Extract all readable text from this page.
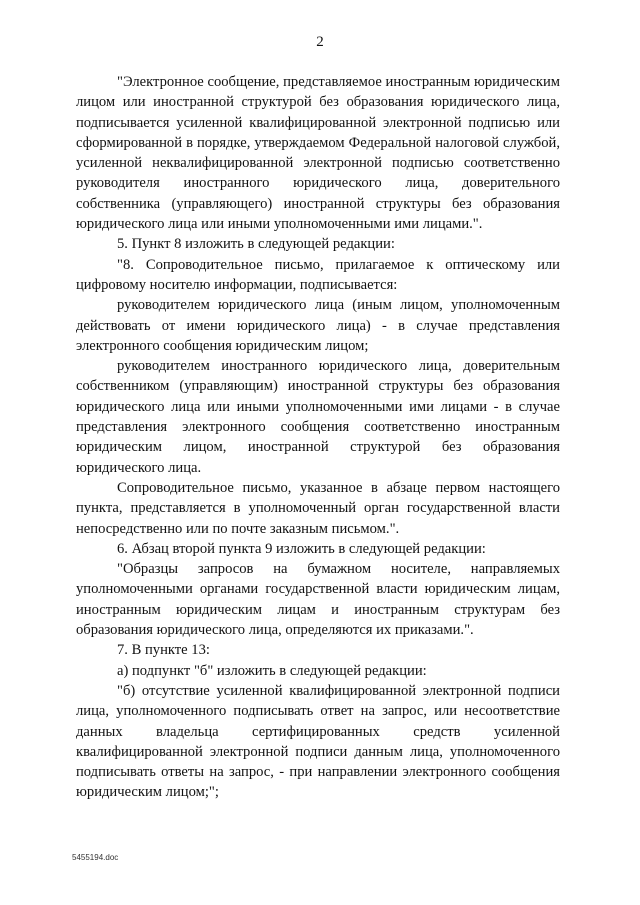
2

"Электронное сообщение, представляемое иностранным юридическим лицом или иностранной структурой без образования юридического лица, подписывается усиленной квалифицированной электронной подписью или сформированной в порядке, утверждаемом Федеральной налоговой службой, усиленной неквалифицированной электронной подписью соответственно руководителя иностранного юридического лица, доверительного собственника (управляющего) иностранной структуры без образования юридического лица или иными уполномоченными ими лицами.".

5. Пункт 8 изложить в следующей редакции:

"8. Сопроводительное письмо, прилагаемое к оптическому или цифровому носителю информации, подписывается:

руководителем юридического лица (иным лицом, уполномоченным действовать от имени юридического лица) - в случае представления электронного сообщения юридическим лицом;

руководителем иностранного юридического лица, доверительным собственником (управляющим) иностранной структуры без образования юридического лица или иными уполномоченными ими лицами - в случае представления электронного сообщения соответственно иностранным юридическим лицом, иностранной структурой без образования юридического лица.

Сопроводительное письмо, указанное в абзаце первом настоящего пункта, представляется в уполномоченный орган государственной власти непосредственно или по почте заказным письмом.".

6. Абзац второй пункта 9 изложить в следующей редакции:

"Образцы запросов на бумажном носителе, направляемых уполномоченными органами государственной власти юридическим лицам, иностранным юридическим лицам и иностранным структурам без образования юридического лица, определяются их приказами.".

7. В пункте 13:

а) подпункт "б" изложить в следующей редакции:

"б) отсутствие усиленной квалифицированной электронной подписи лица, уполномоченного подписывать ответ на запрос, или несоответствие данных владельца сертифицированных средств усиленной квалифицированной электронной подписи данным лица, уполномоченного подписывать ответы на запрос, - при направлении электронного сообщения юридическим лицом;";

5455194.doc
